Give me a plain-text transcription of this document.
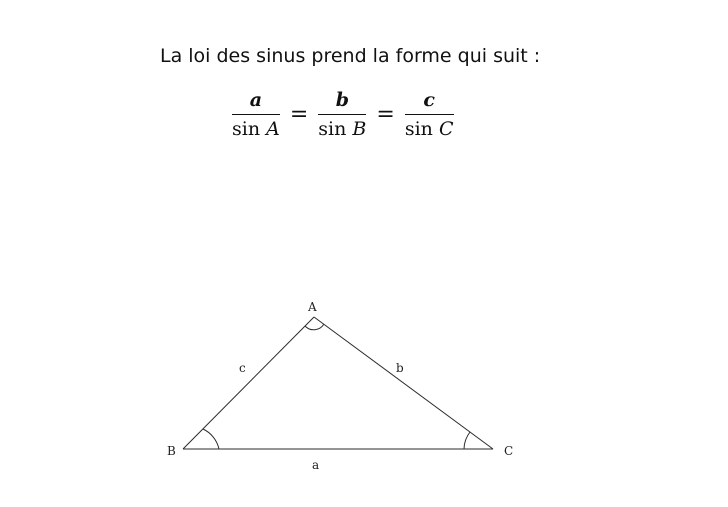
La loi des sinus prend la forme qui suit :
$\frac{a}{\text{sin A}} = \frac{b}{\text{sin B}} = \frac{c}{\text{sin C}}$
A
B	C
a
b
c
